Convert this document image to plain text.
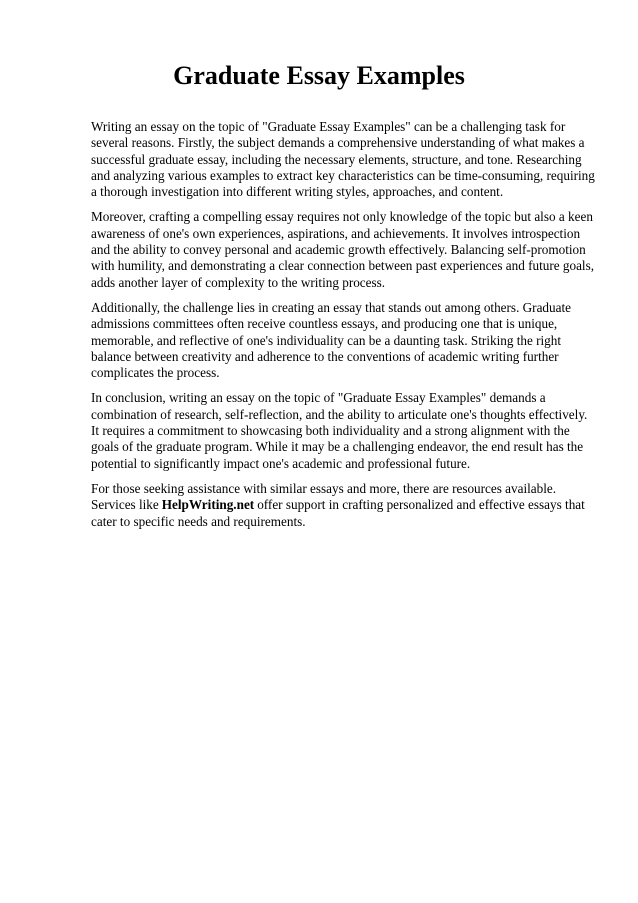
Graduate Essay Examples

Writing an essay on the topic of "Graduate Essay Examples" can be a challenging task for several reasons. Firstly, the subject demands a comprehensive understanding of what makes a successful graduate essay, including the necessary elements, structure, and tone. Researching and analyzing various examples to extract key characteristics can be time-consuming, requiring a thorough investigation into different writing styles, approaches, and content.

Moreover, crafting a compelling essay requires not only knowledge of the topic but also a keen awareness of one's own experiences, aspirations, and achievements. It involves introspection and the ability to convey personal and academic growth effectively. Balancing self-promotion with humility, and demonstrating a clear connection between past experiences and future goals, adds another layer of complexity to the writing process.

Additionally, the challenge lies in creating an essay that stands out among others. Graduate admissions committees often receive countless essays, and producing one that is unique, memorable, and reflective of one's individuality can be a daunting task. Striking the right balance between creativity and adherence to the conventions of academic writing further complicates the process.

In conclusion, writing an essay on the topic of "Graduate Essay Examples" demands a combination of research, self-reflection, and the ability to articulate one's thoughts effectively. It requires a commitment to showcasing both individuality and a strong alignment with the goals of the graduate program. While it may be a challenging endeavor, the end result has the potential to significantly impact one's academic and professional future.

For those seeking assistance with similar essays and more, there are resources available. Services like HelpWriting.net offer support in crafting personalized and effective essays that cater to specific needs and requirements.
